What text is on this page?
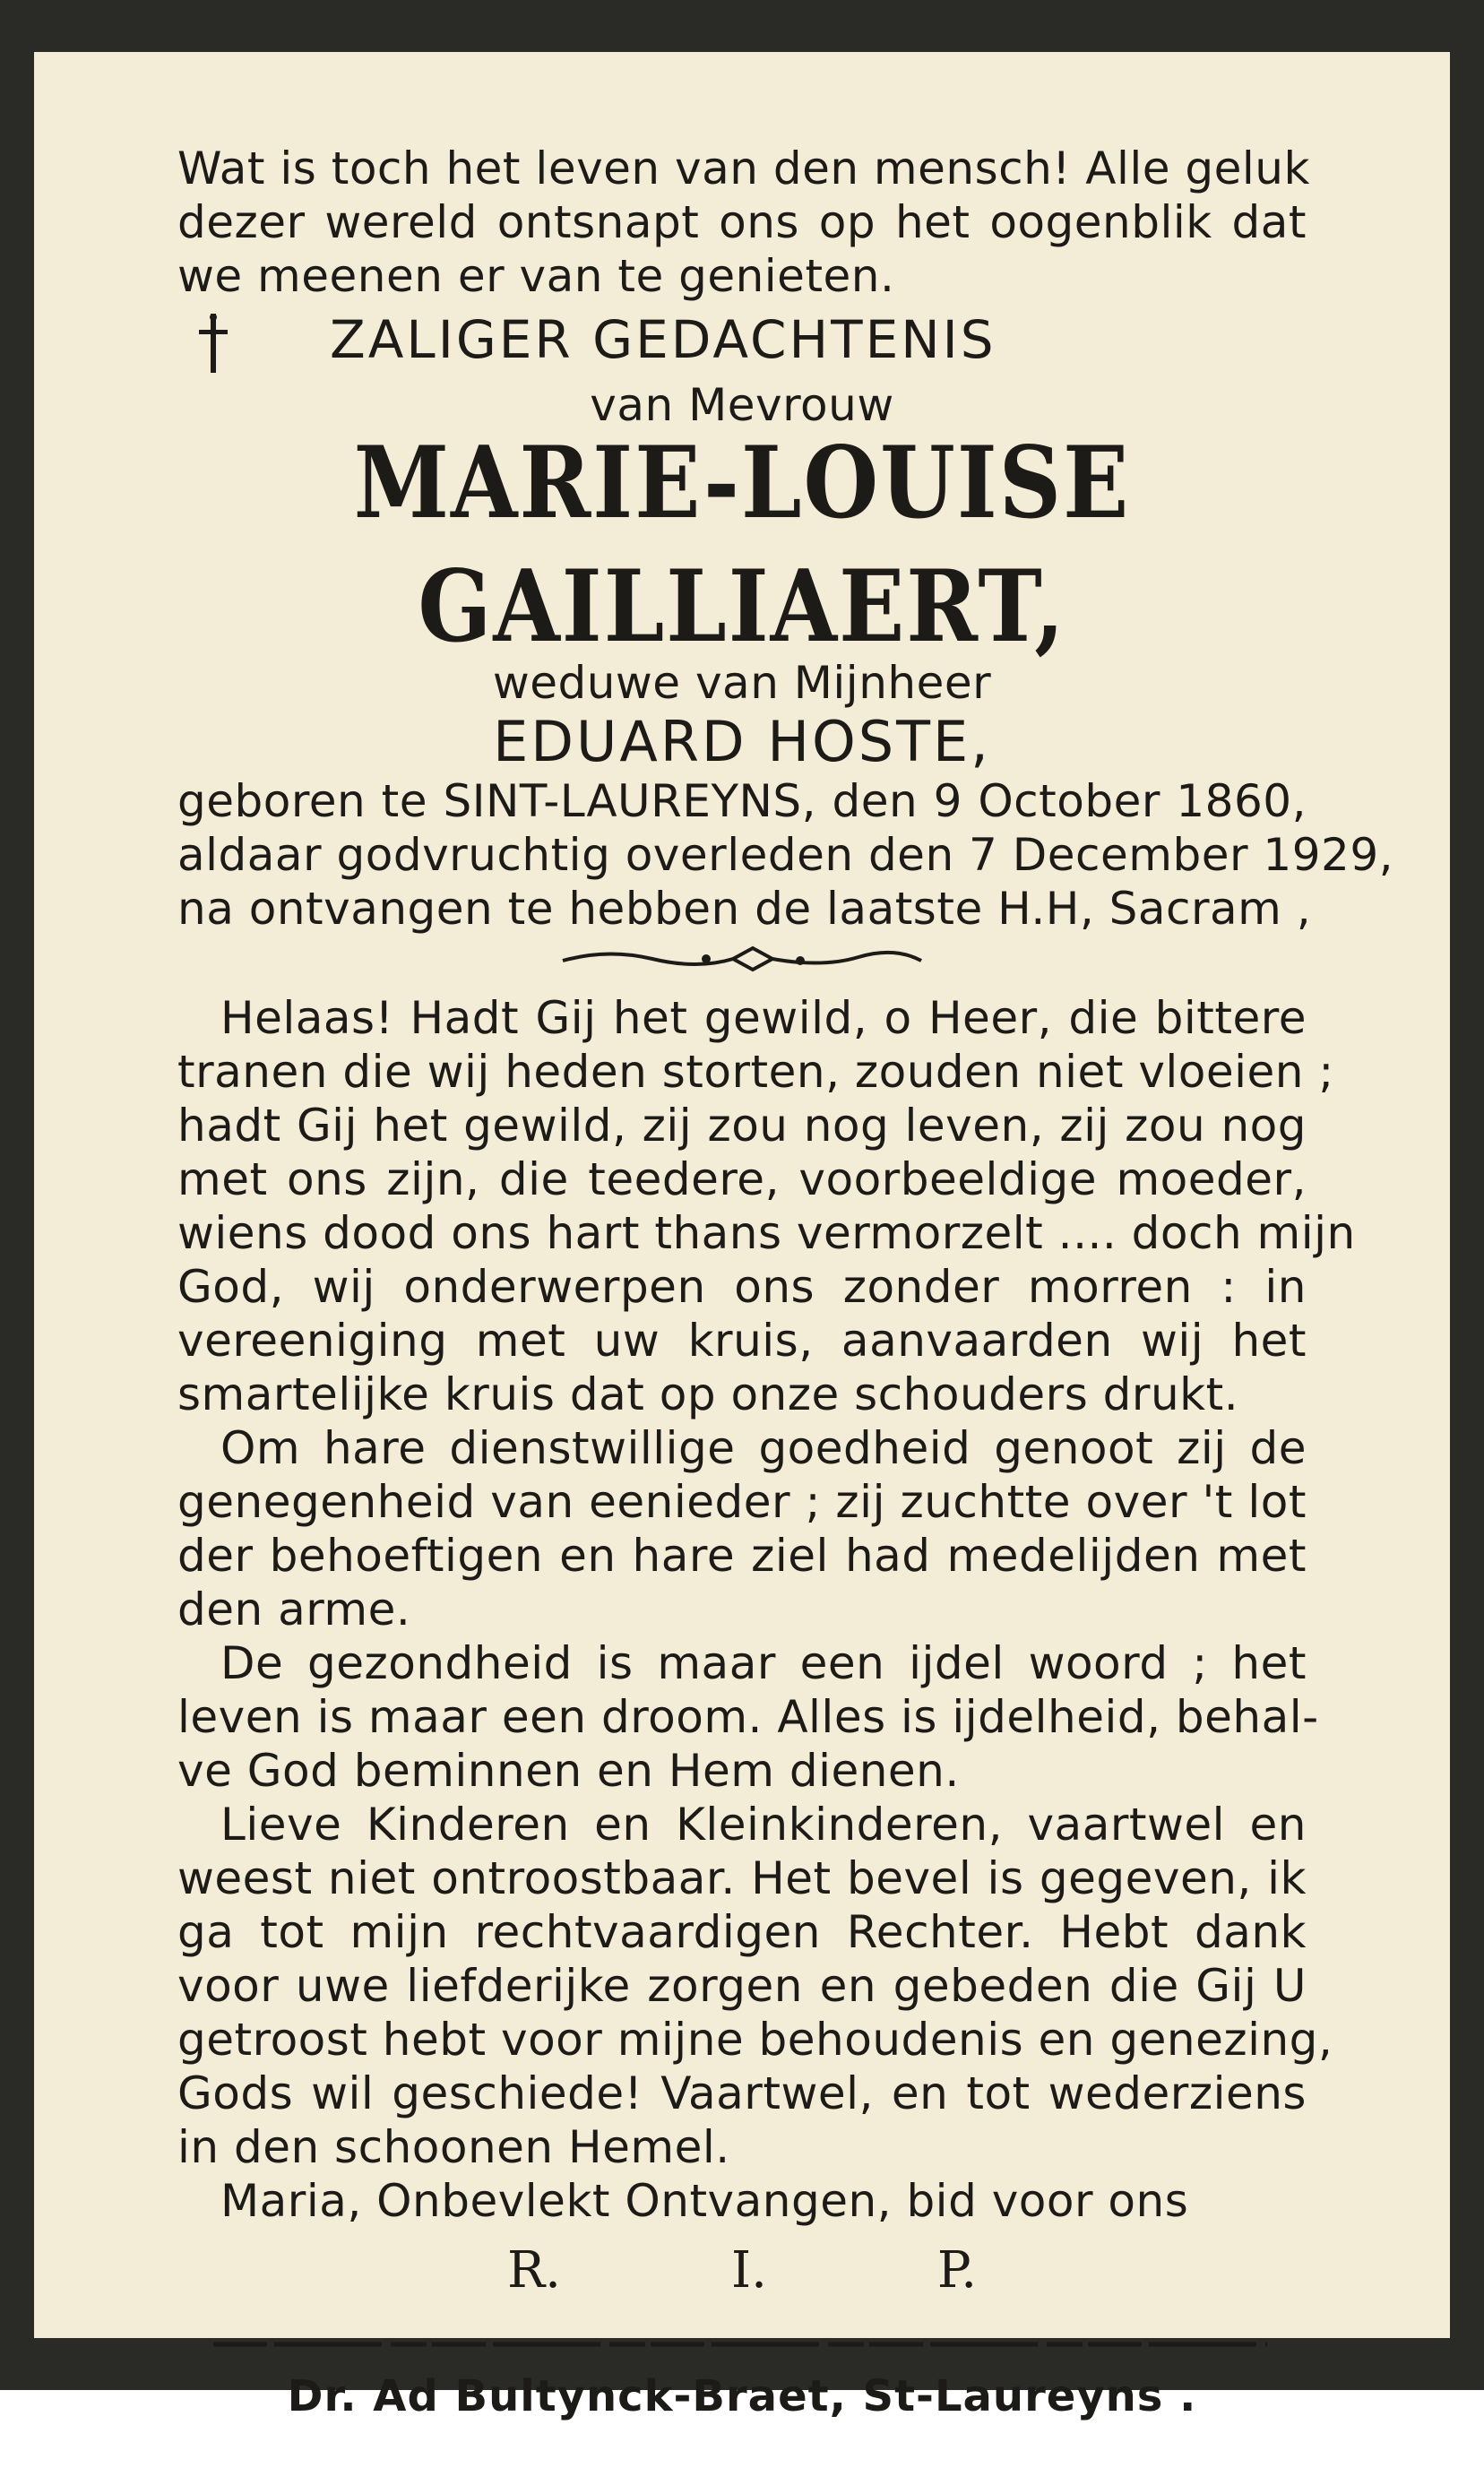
Wat is toch het leven van den mensch! Alle geluk

dezer wereld ontsnapt ons op het oogenblik dat

we meenen er van te genieten.

ZALIGER GEDACHTENIS

van Mevrouw

MARIE-LOUISE GAILLIAERT,

weduwe van Mijnheer

EDUARD HOSTE,

geboren te SINT-LAUREYNS, den 9 October 1860,

aldaar godvruchtig overleden den 7 December 1929,

na ontvangen te hebben de laatste H.H, Sacram ,

Helaas! Hadt Gij het gewild, o Heer, die bittere

tranen die wij heden storten, zouden niet vloeien ;

hadt Gij het gewild, zij zou nog leven, zij zou nog

met ons zijn, die teedere, voorbeeldige moeder,

wiens dood ons hart thans vermorzelt .... doch mijn

God, wij onderwerpen ons zonder morren : in

vereeniging met uw kruis, aanvaarden wij het

smartelijke kruis dat op onze schouders drukt.

Om hare dienstwillige goedheid genoot zij de

genegenheid van eenieder ; zij zuchtte over 't lot

der behoeftigen en hare ziel had medelijden met

den arme.

De gezondheid is maar een ijdel woord ; het

leven is maar een droom. Alles is ijdelheid, behal-

ve God beminnen en Hem dienen.

Lieve Kinderen en Kleinkinderen, vaartwel en

weest niet ontroostbaar. Het bevel is gegeven, ik

ga tot mijn rechtvaardigen Rechter. Hebt dank

voor uwe liefderijke zorgen en gebeden die Gij U

getroost hebt voor mijne behoudenis en genezing,

Gods wil geschiede! Vaartwel, en tot wederziens

in den schoonen Hemel.

Maria, Onbevlekt Ontvangen, bid voor ons

R.	I.	P.

Dr. Ad Bultynck-Braet, St-Laureyns .
